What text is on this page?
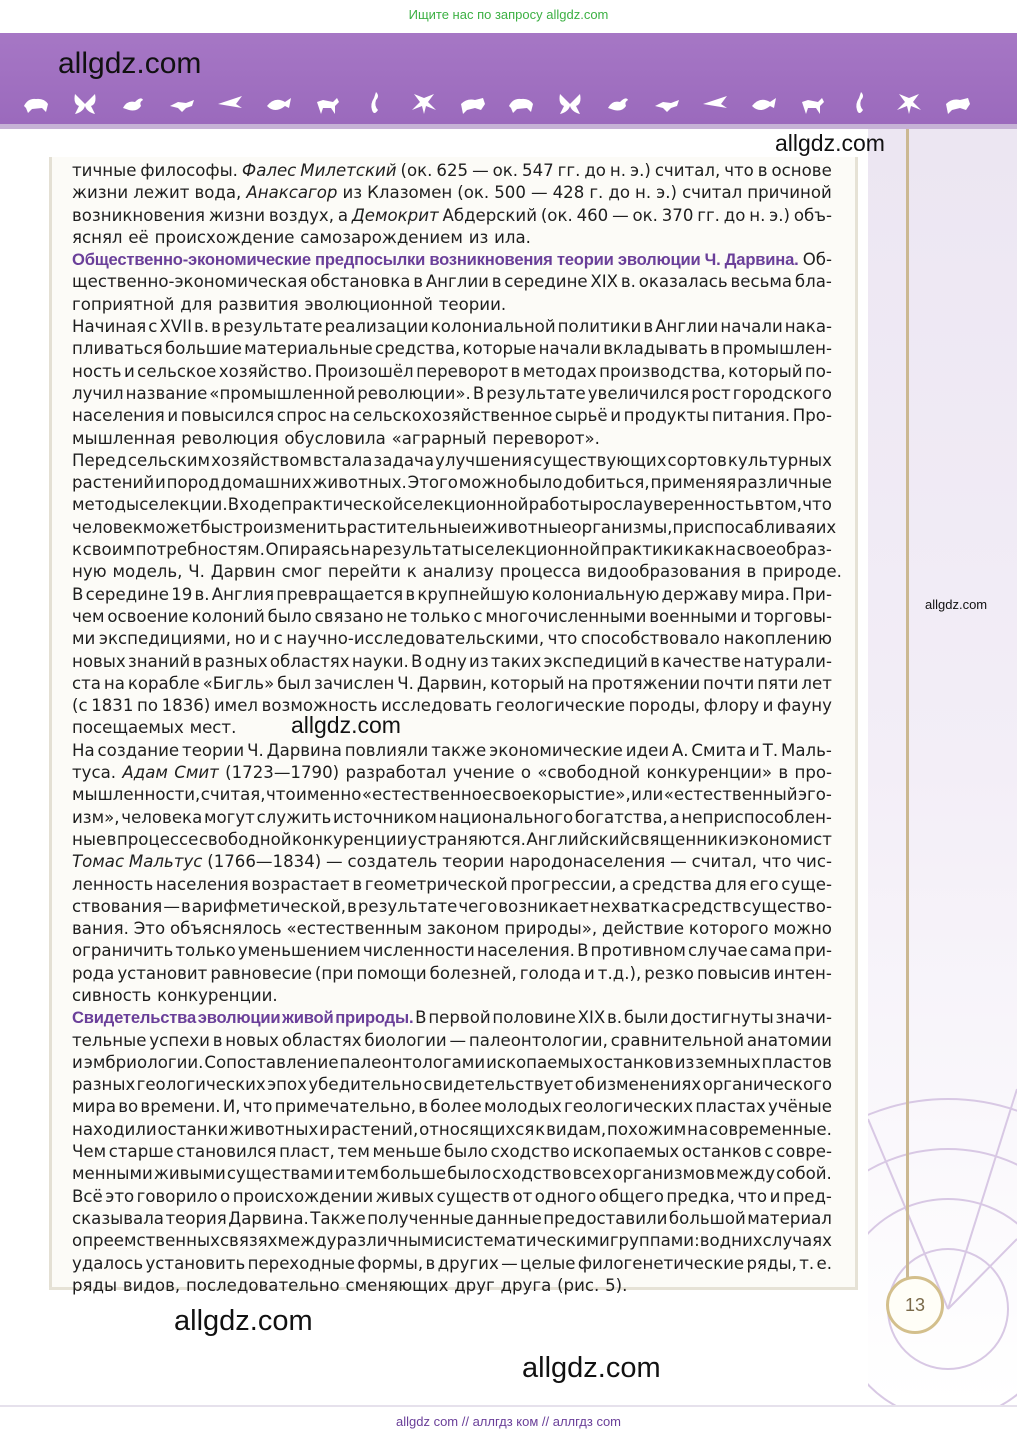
Ищите нас по запросу allgdz.com
allgdz.com
allgdz.com
allgdz.com
тичные философы. Фалес Милетский (ок. 625 — ок. 547 гг. до н. э.) считал, что в основе
жизни лежит вода, Анаксагор из Клазомен (ок. 500 — 428 г. до н. э.) считал причиной
возникновения жизни воздух, а Демокрит Абдерский (ок. 460 — ок. 370 гг. до н. э.) объ-
яснял её происхождение самозарождением из ила.
Общественно-экономические предпосылки возникновения теории эволюции Ч. Дарвина. Об-
щественно-экономическая обстановка в Англии в середине XIX в. оказалась весьма бла-
гоприятной для развития эволюционной теории.
Начиная с XVII в. в результате реализации колониальной политики в Англии начали нака-
пливаться большие материальные средства, которые начали вкладывать в промышлен-
ность и сельское хозяйство. Произошёл переворот в методах производства, который по-
лучил название «промышленной революции». В результате увеличился рост городского
населения и повысился спрос на сельскохозяйственное сырьё и продукты питания. Про-
мышленная революция обусловила «аграрный переворот».
Перед сельским хозяйством встала задача улучшения существующих сортов культурных
растений и пород домашних животных. Этого можно было добиться, применяя различные
методы селекции. В ходе практической селекционной работы росла уверенность в том, что
человек может быстро изменить растительные и животные организмы, приспосабливая их
к своим потребностям. Опираясь на результаты селекционной практики как на своеобраз-
ную модель, Ч. Дарвин смог перейти к анализу процесса видообразования в природе.
В середине 19 в. Англия превращается в крупнейшую колониальную державу мира. При-
чем освоение колоний было связано не только с многочисленными военными и торговы-
ми экспедициями, но и с научно-исследовательскими, что способствовало накоплению
новых знаний в разных областях науки. В одну из таких экспедиций в качестве натурали-
ста на корабле «Бигль» был зачислен Ч. Дарвин, который на протяжении почти пяти лет
(с 1831 по 1836) имел возможность исследовать геологические породы, флору и фауну
посещаемых мест.
На создание теории Ч. Дарвина повлияли также экономические идеи А. Смита и Т. Маль-
туса. Адам Смит (1723—1790) разработал учение о «свободной конкуренции» в про-
мышленности, считая, что именно «естественное своекорыстие», или «естественный эго-
изм», человека могут служить источником национального богатства, а неприспособлен-
ные в процессе свободной конкуренции устраняются. Английский священник и экономист
Томас Мальтус (1766—1834) — создатель теории народонаселения — считал, что чис-
ленность населения возрастает в геометрической прогрессии, а средства для его суще-
ствования — в арифметической, в результате чего возникает нехватка средств существо-
вания. Это объяснялось «естественным законом природы», действие которого можно
ограничить только уменьшением численности населения. В противном случае сама при-
рода установит равновесие (при помощи болезней, голода и т.д.), резко повысив интен-
сивность конкуренции.
Свидетельства эволюции живой природы. В первой половине XIX в. были достигнуты значи-
тельные успехи в новых областях биологии — палеонтологии, сравнительной анатомии
и эмбриологии. Сопоставление палеонтологами ископаемых останков из земных пластов
разных геологических эпох убедительно свидетельствует об изменениях органического
мира во времени. И, что примечательно, в более молодых геологических пластах учёные
находили останки животных и растений, относящихся к видам, похожим на современные.
Чем старше становился пласт, тем меньше было сходство ископаемых останков с совре-
менными живыми существами и тем больше было сходство всех организмов между собой.
Всё это говорило о происхождении живых существ от одного общего предка, что и пред-
сказывала теория Дарвина. Также полученные данные предоставили большой материал
о преемственных связях между различными систематическими группами: в одних случаях
удалось установить переходные формы, в других — целые филогенетические ряды, т. е.
ряды видов, последовательно сменяющих друг друга (рис. 5).
allgdz.com
allgdz.com
allgdz.com
13
allgdz com // аллгдз ком // аллгдз com
